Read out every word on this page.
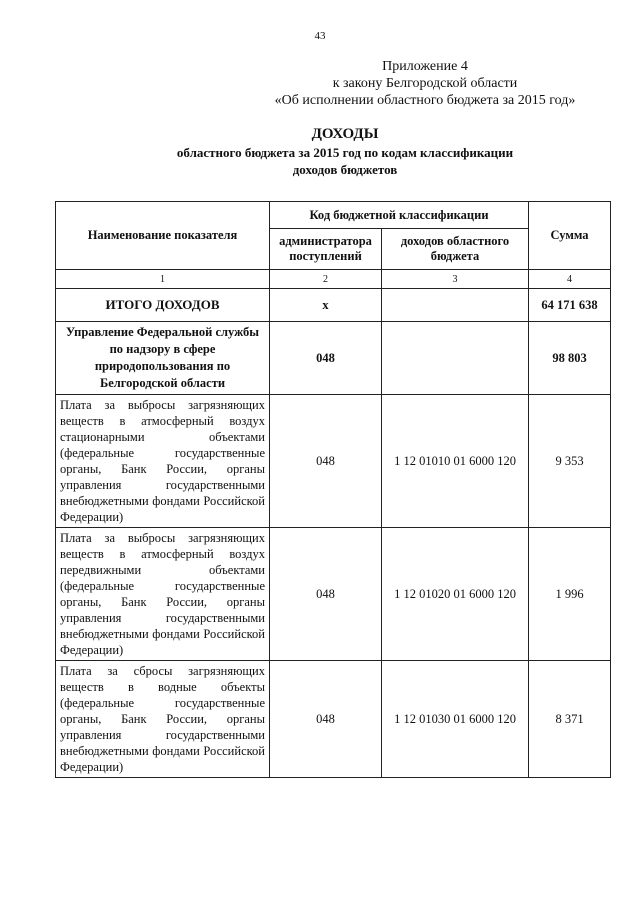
43
Приложение 4
к закону Белгородской области
«Об исполнении областного бюджета за 2015 год»
ДОХОДЫ
областного бюджета за 2015 год по кодам классификации
доходов бюджетов
Наименование показателя	Код бюджетной классификации		Сумма
	администратора поступлений	доходов областного бюджета	
1	2	3	4
ИТОГО ДОХОДОВ	x		64 171 638
Управление Федеральной службы по надзору в сфере природопользования по Белгородской области	048		98 803
Плата за выбросы загрязняющих веществ в атмосферный воздух стационарными объектами (федеральные государственные органы, Банк России, органы управления государственными внебюджетными фондами Российской Федерации)	048	1 12 01010 01 6000 120	9 353
Плата за выбросы загрязняющих веществ в атмосферный воздух передвижными объектами (федеральные государственные органы, Банк России, органы управления государственными внебюджетными фондами Российской Федерации)	048	1 12 01020 01 6000 120	1 996
Плата за сбросы загрязняющих веществ в водные объекты (федеральные государственные органы, Банк России, органы управления государственными внебюджетными фондами Российской Федерации)	048	1 12 01030 01 6000 120	8 371
